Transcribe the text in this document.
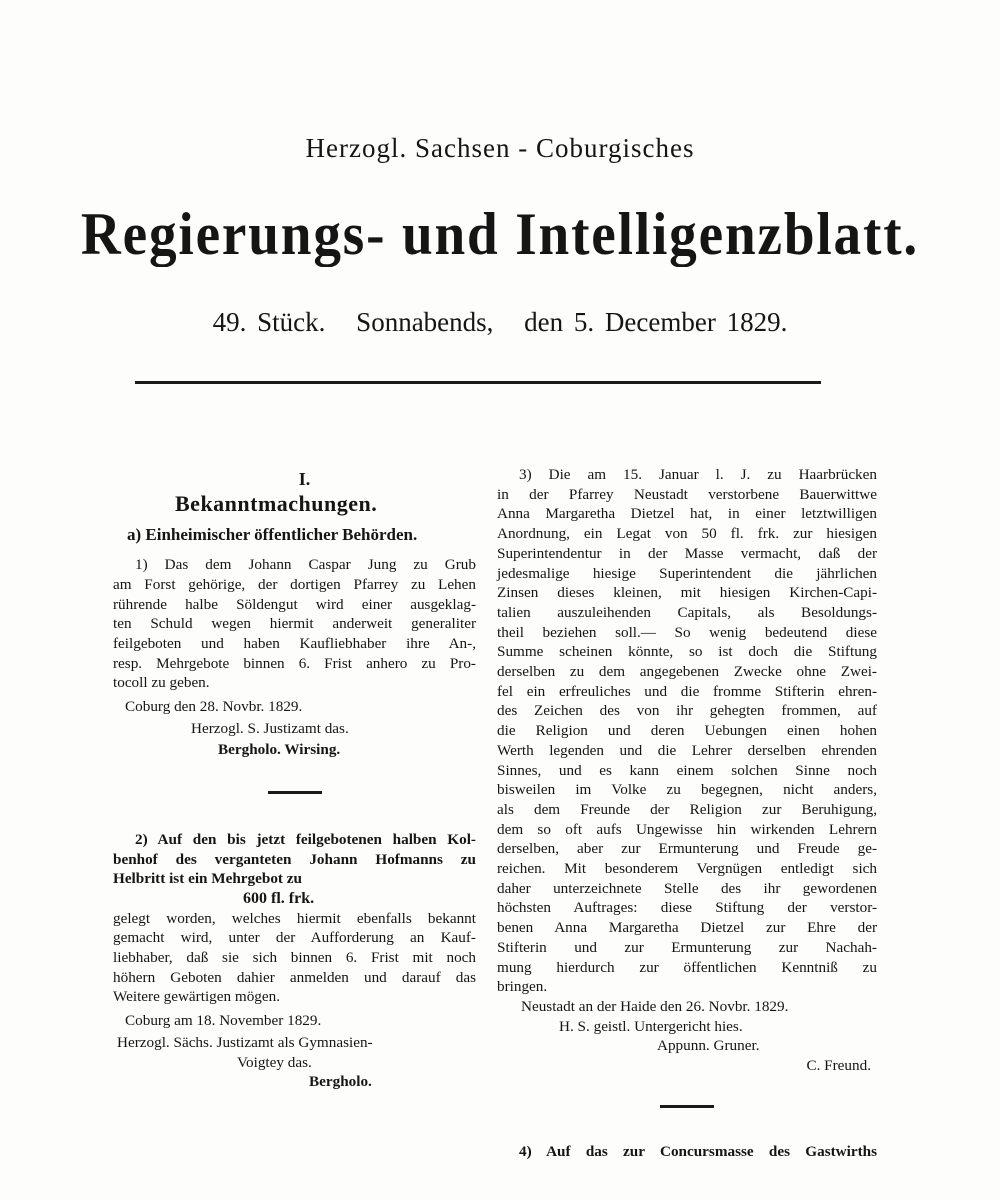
Herzogl. Sachsen - Coburgisches
Regierungs- und Intelligenzblatt.
49. Stück. Sonnabends, den 5. December 1829.
I.
Bekanntmachungen.
a) Einheimischer öffentlicher Behörden.
1) Das dem Johann Caspar Jung zu Grub
am Forst gehörige, der dortigen Pfarrey zu Lehen
rührende halbe Söldengut wird einer ausgeklag-
ten Schuld wegen hiermit anderweit generaliter
feilgeboten und haben Kaufliebhaber ihre An-,
resp. Mehrgebote binnen 6. Frist anhero zu Pro-
tocoll zu geben.
Coburg den 28. Novbr. 1829.
Herzogl. S. Justizamt das.
Bergholo. Wirsing.
2) Auf den bis jetzt feilgebotenen halben Kol-
benhof des verganteten Johann Hofmanns zu
Helbritt ist ein Mehrgebot zu
600 fl. frk.
gelegt worden, welches hiermit ebenfalls bekannt
gemacht wird, unter der Aufforderung an Kauf-
liebhaber, daß sie sich binnen 6. Frist mit noch
höhern Geboten dahier anmelden und darauf das
Weitere gewärtigen mögen.
Coburg am 18. November 1829.
Herzogl. Sächs. Justizamt als Gymnasien-
Voigtey das.
Bergholo.
3) Die am 15. Januar l. J. zu Haarbrücken
in der Pfarrey Neustadt verstorbene Bauerwittwe
Anna Margaretha Dietzel hat, in einer letztwilligen
Anordnung, ein Legat von 50 fl. frk. zur hiesigen
Superintendentur in der Masse vermacht, daß der
jedesmalige hiesige Superintendent die jährlichen
Zinsen dieses kleinen, mit hiesigen Kirchen-Capi-
talien auszuleihenden Capitals, als Besoldungs-
theil beziehen soll.— So wenig bedeutend diese
Summe scheinen könnte, so ist doch die Stiftung
derselben zu dem angegebenen Zwecke ohne Zwei-
fel ein erfreuliches und die fromme Stifterin ehren-
des Zeichen des von ihr gehegten frommen, auf
die Religion und deren Uebungen einen hohen
Werth legenden und die Lehrer derselben ehrenden
Sinnes, und es kann einem solchen Sinne noch
bisweilen im Volke zu begegnen, nicht anders,
als dem Freunde der Religion zur Beruhigung,
dem so oft aufs Ungewisse hin wirkenden Lehrern
derselben, aber zur Ermunterung und Freude ge-
reichen. Mit besonderem Vergnügen entledigt sich
daher unterzeichnete Stelle des ihr gewordenen
höchsten Auftrages: diese Stiftung der verstor-
benen Anna Margaretha Dietzel zur Ehre der
Stifterin und zur Ermunterung zur Nachah-
mung hierdurch zur öffentlichen Kenntniß zu
bringen.
Neustadt an der Haide den 26. Novbr. 1829.
H. S. geistl. Untergericht hies.
Appunn. Gruner.
C. Freund.
4) Auf das zur Concursmasse des Gastwirths
